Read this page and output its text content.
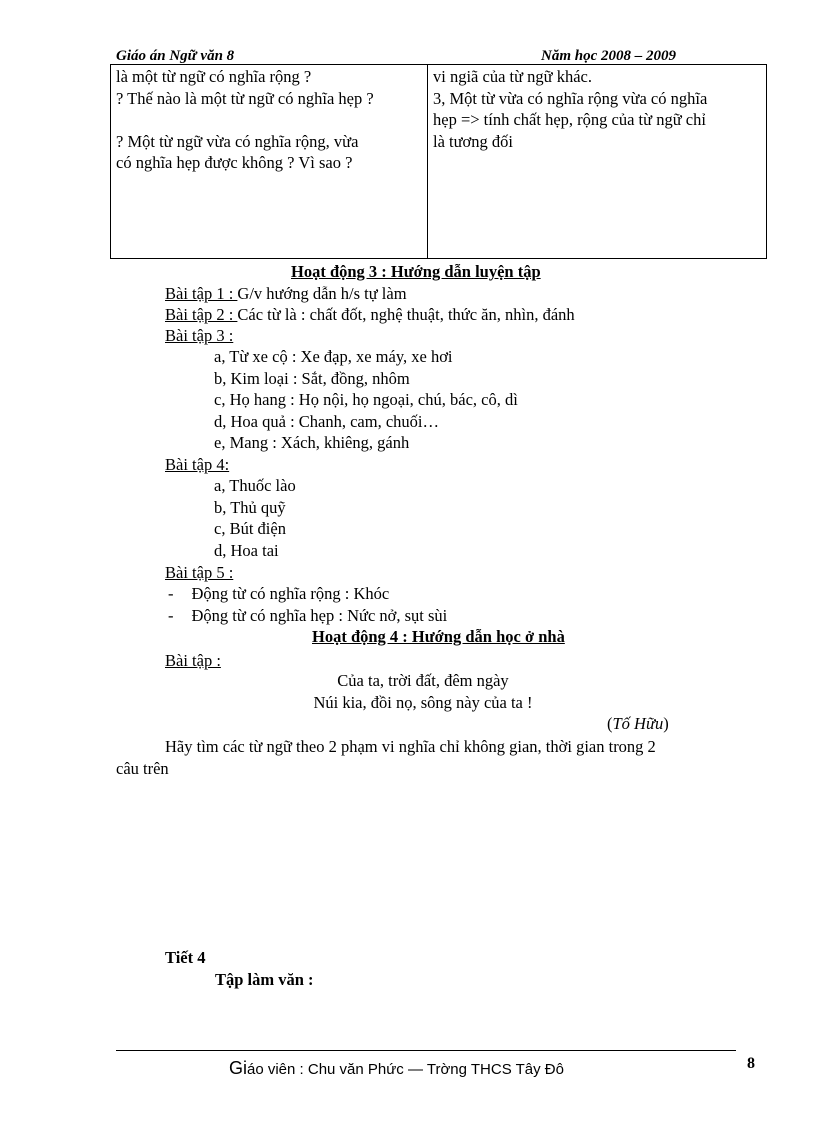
Giáo án Ngữ văn 8	Năm học 2008 – 2009
là một từ ngữ có nghĩa rộng ?
? Thế nào là một từ ngữ có nghĩa hẹp ?
? Một từ ngữ vừa có nghĩa rộng, vừa
có nghĩa hẹp được không ? Vì sao ?
vi ngiã của từ ngữ khác.
3, Một từ vừa có nghĩa rộng vừa có nghĩa
hẹp => tính chất hẹp, rộng của từ ngữ chỉ
là tương đối
Hoạt động 3 : Hướng dẫn luyện tập
Bài tập 1 : G/v hướng dẫn h/s tự làm
Bài tập 2 : Các từ là : chất đốt, nghệ thuật, thức ăn, nhìn, đánh
Bài tập 3 :
a, Từ xe cộ : Xe đạp, xe máy, xe hơi
b, Kim loại : Sắt, đồng, nhôm
c, Họ hang : Họ nội, họ ngoại, chú, bác, cô, dì
d, Hoa quả : Chanh, cam, chuối…
e, Mang : Xách, khiêng, gánh
Bài tập 4:
a, Thuốc lào
b, Thủ quỹ
c, Bút điện
d, Hoa tai
Bài tập 5 :
- Động từ có nghĩa rộng : Khóc
- Động từ có nghĩa hẹp : Nức nở, sụt sùi
Hoạt động 4 : Hướng dẫn học ở nhà
Bài tập :
Của ta, trời đất, đêm ngày
Núi kia, đồi nọ, sông này của ta !
(Tố Hữu)
Hãy tìm các từ ngữ theo 2 phạm vi nghĩa chỉ không gian, thời gian trong 2
câu trên
Tiết 4
Tập làm văn :
Giáo viên : Chu văn Phức — Trờng THCS Tây Đô	8
